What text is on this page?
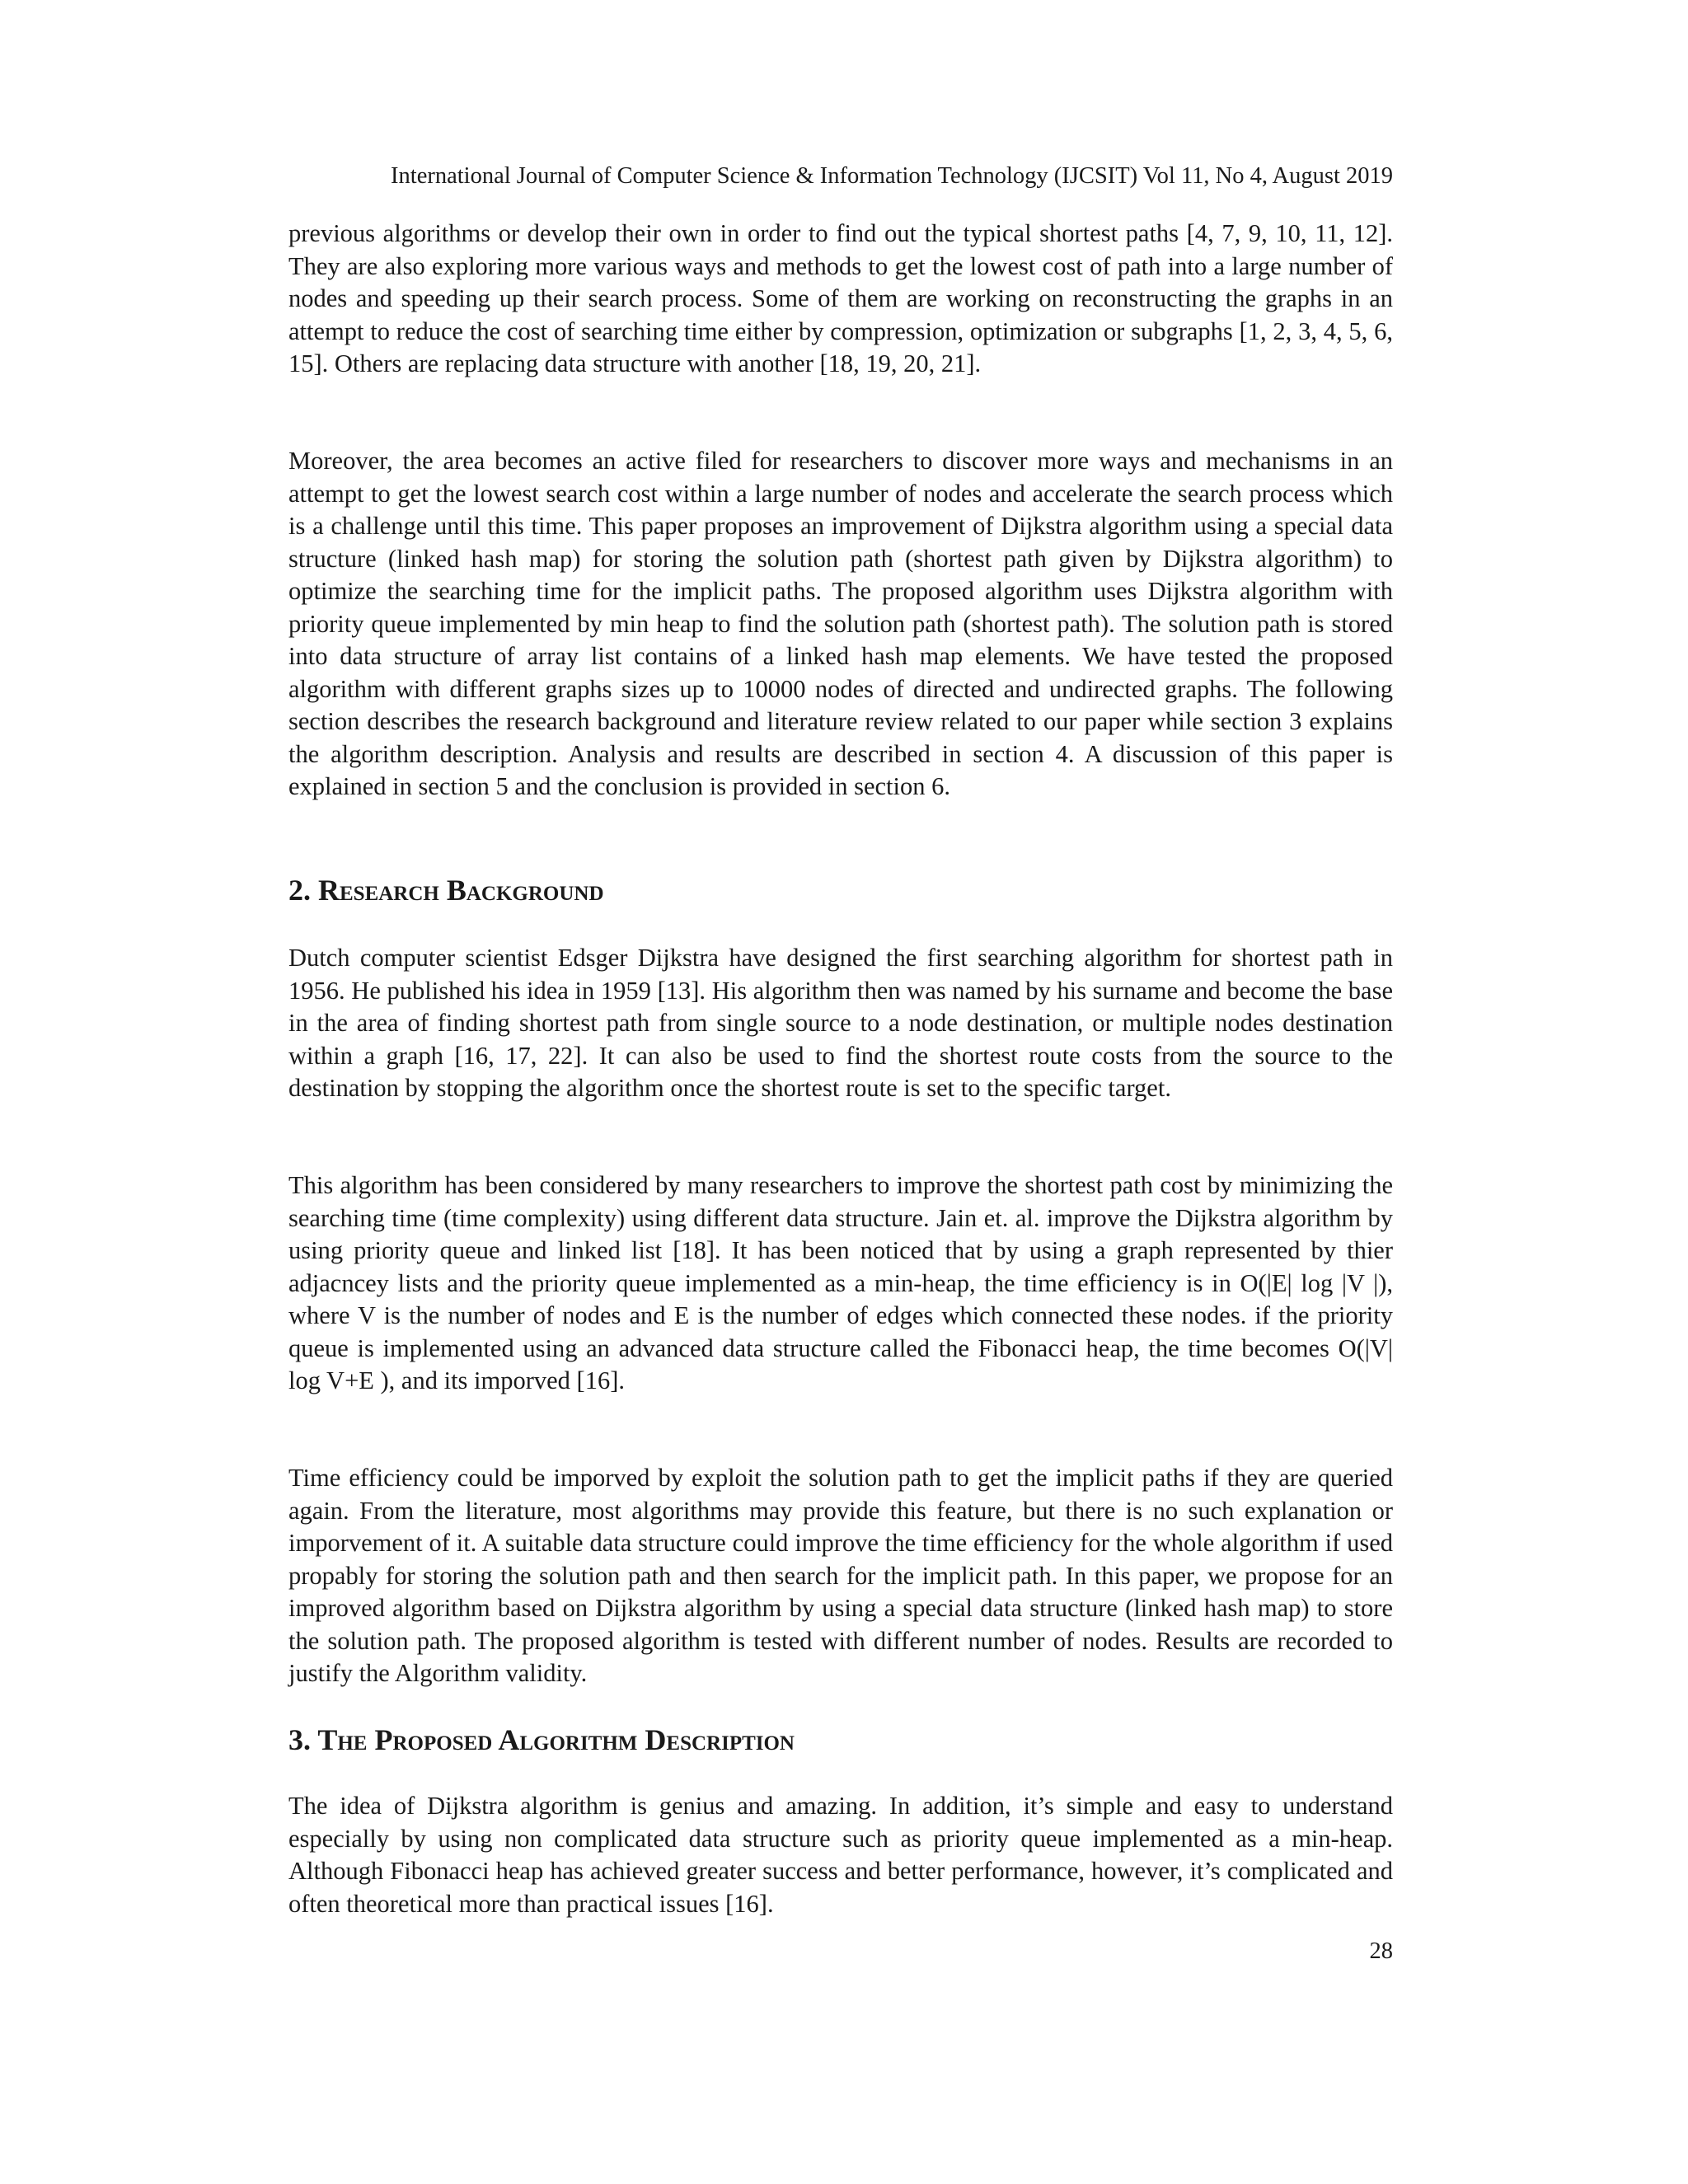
International Journal of Computer Science & Information Technology (IJCSIT) Vol 11, No 4, August 2019

previous algorithms or develop their own in order to find out the typical shortest paths [4, 7, 9, 10, 11, 12]. They are also exploring more various ways and methods to get the lowest cost of path into a large number of nodes and speeding up their search process. Some of them are working on reconstructing the graphs in an attempt to reduce the cost of searching time either by compression, optimization or subgraphs [1, 2, 3, 4, 5, 6, 15]. Others are replacing data structure with another [18, 19, 20, 21].

Moreover, the area becomes an active filed for researchers to discover more ways and mechanisms in an attempt to get the lowest search cost within a large number of nodes and accelerate the search process which is a challenge until this time. This paper proposes an improvement of Dijkstra algorithm using a special data structure (linked hash map) for storing the solution path (shortest path given by Dijkstra algorithm) to optimize the searching time for the implicit paths. The proposed algorithm uses Dijkstra algorithm with priority queue implemented by min heap to find the solution path (shortest path). The solution path is stored into data structure of array list contains of a linked hash map elements. We have tested the proposed algorithm with different graphs sizes up to 10000 nodes of directed and undirected graphs. The following section describes the research background and literature review related to our paper while section 3 explains the algorithm description. Analysis and results are described in section 4. A discussion of this paper is explained in section 5 and the conclusion is provided in section 6.

2. Research Background

Dutch computer scientist Edsger Dijkstra have designed the first searching algorithm for shortest path in 1956. He published his idea in 1959 [13]. His algorithm then was named by his surname and become the base in the area of finding shortest path from single source to a node destination, or multiple nodes destination within a graph [16, 17, 22]. It can also be used to find the shortest route costs from the source to the destination by stopping the algorithm once the shortest route is set to the specific target.

This algorithm has been considered by many researchers to improve the shortest path cost by minimizing the searching time (time complexity) using different data structure. Jain et. al. improve the Dijkstra algorithm by using priority queue and linked list [18]. It has been noticed that by using a graph represented by thier adjacncey lists and the priority queue implemented as a min-heap, the time efficiency is in O(|E| log |V |), where V is the number of nodes and E is the number of edges which connected these nodes. if the priority queue is implemented using an advanced data structure called the Fibonacci heap, the time becomes O(|V| log V+E ), and its imporved [16].

Time efficiency could be imporved by exploit the solution path to get the implicit paths if they are queried again. From the literature, most algorithms may provide this feature, but there is no such explanation or imporvement of it. A suitable data structure could improve the time efficiency for the whole algorithm if used propably for storing the solution path and then search for the implicit path. In this paper, we propose for an improved algorithm based on Dijkstra algorithm by using a special data structure (linked hash map) to store the solution path. The proposed algorithm is tested with different number of nodes. Results are recorded to justify the Algorithm validity.

3. The Proposed Algorithm Description

The idea of Dijkstra algorithm is genius and amazing. In addition, it’s simple and easy to understand especially by using non complicated data structure such as priority queue implemented as a min-heap. Although Fibonacci heap has achieved greater success and better performance, however, it’s complicated and often theoretical more than practical issues [16].

28
